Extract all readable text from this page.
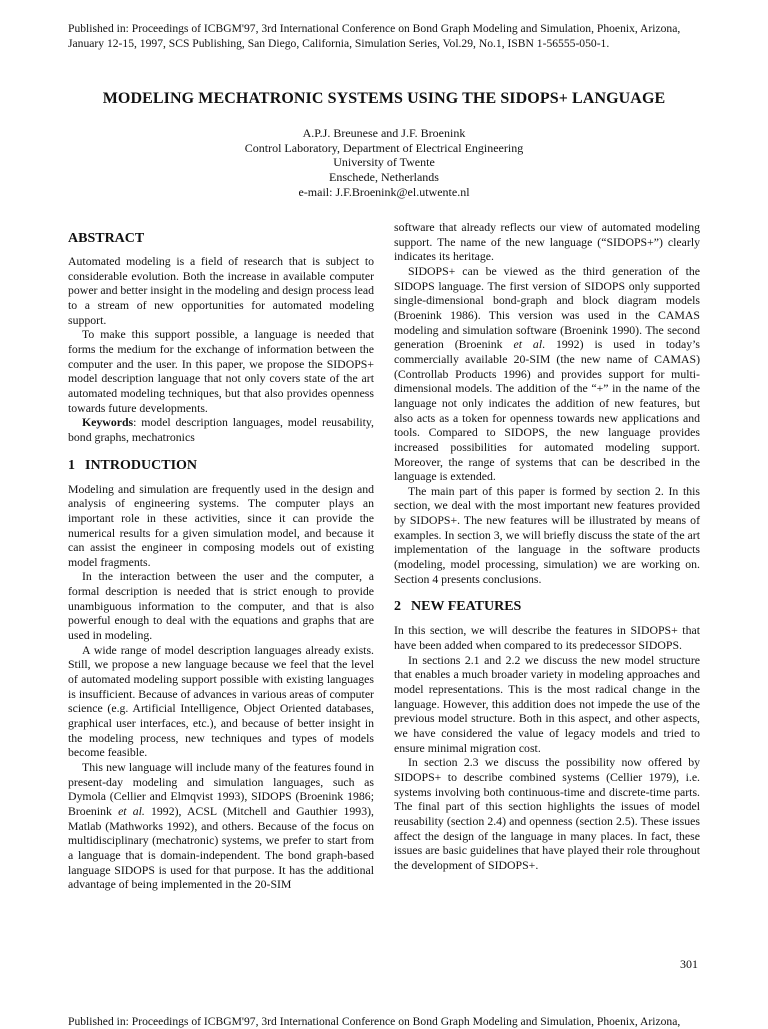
Published in: Proceedings of ICBGM'97, 3rd International Conference on Bond Graph Modeling and Simulation, Phoenix, Arizona, January 12-15, 1997, SCS Publishing, San Diego, California, Simulation Series, Vol.29, No.1, ISBN 1-56555-050-1.

MODELING MECHATRONIC SYSTEMS USING THE SIDOPS+ LANGUAGE
A.P.J. Breunese and J.F. Broenink
Control Laboratory, Department of Electrical Engineering
University of Twente
Enschede, Netherlands
e-mail: J.F.Broenink@el.utwente.nl
ABSTRACT

Automated modeling is a field of research that is subject to considerable evolution. Both the increase in available computer power and better insight in the modeling and design process lead to a stream of new opportunities for automated modeling support.

To make this support possible, a language is needed that forms the medium for the exchange of information between the computer and the user. In this paper, we propose the SIDOPS+ model description language that not only covers state of the art automated modeling techniques, but that also provides openness towards future developments.

Keywords: model description languages, model reusability, bond graphs, mechatronics

1 INTRODUCTION

Modeling and simulation are frequently used in the design and analysis of engineering systems. The computer plays an important role in these activities, since it can provide the numerical results for a given simulation model, and because it can assist the engineer in composing models out of existing model fragments.

In the interaction between the user and the computer, a formal description is needed that is strict enough to provide unambiguous information to the computer, and that is also powerful enough to deal with the equations and graphs that are used in modeling.

A wide range of model description languages already exists. Still, we propose a new language because we feel that the level of automated modeling support possible with existing languages is insufficient. Because of advances in various areas of computer science (e.g. Artificial Intelligence, Object Oriented databases, graphical user interfaces, etc.), and because of better insight in the modeling process, new techniques and types of models become feasible.

This new language will include many of the features found in present-day modeling and simulation languages, such as Dymola (Cellier and Elmqvist 1993), SIDOPS (Broenink 1986; Broenink et al. 1992), ACSL (Mitchell and Gauthier 1993), Matlab (Mathworks 1992), and others. Because of the focus on multidisciplinary (mechatronic) systems, we prefer to start from a language that is domain-independent. The bond graph-based language SIDOPS is used for that purpose. It has the additional advantage of being implemented in the 20-SIM

software that already reflects our view of automated modeling support. The name of the new language (“SIDOPS+”) clearly indicates its heritage.

SIDOPS+ can be viewed as the third generation of the SIDOPS language. The first version of SIDOPS only supported single-dimensional bond-graph and block diagram models (Broenink 1986). This version was used in the CAMAS modeling and simulation software (Broenink 1990). The second generation (Broenink et al. 1992) is used in today’s commercially available 20-SIM (the new name of CAMAS) (Controllab Products 1996) and provides support for multi-dimensional models. The addition of the “+” in the name of the language not only indicates the addition of new features, but also acts as a token for openness towards new applications and tools. Compared to SIDOPS, the new language provides increased possibilities for automated modeling support. Moreover, the range of systems that can be described in the language is extended.

The main part of this paper is formed by section 2. In this section, we deal with the most important new features provided by SIDOPS+. The new features will be illustrated by means of examples. In section 3, we will briefly discuss the state of the art implementation of the language in the software products (modeling, model processing, simulation) we are working on. Section 4 presents conclusions.

2 NEW FEATURES

In this section, we will describe the features in SIDOPS+ that have been added when compared to its predecessor SIDOPS.

In sections 2.1 and 2.2 we discuss the new model structure that enables a much broader variety in modeling approaches and model representations. This is the most radical change in the language. However, this addition does not impede the use of the previous model structure. Both in this aspect, and other aspects, we have considered the value of legacy models and tried to ensure minimal migration cost.

In section 2.3 we discuss the possibility now offered by SIDOPS+ to describe combined systems (Cellier 1979), i.e. systems involving both continuous-time and discrete-time parts. The final part of this section highlights the issues of model reusability (section 2.4) and openness (section 2.5). These issues affect the design of the language in many places. In fact, these issues are basic guidelines that have played their role throughout the development of SIDOPS+.

301

Published in: Proceedings of ICBGM'97, 3rd International Conference on Bond Graph Modeling and Simulation, Phoenix, Arizona,
